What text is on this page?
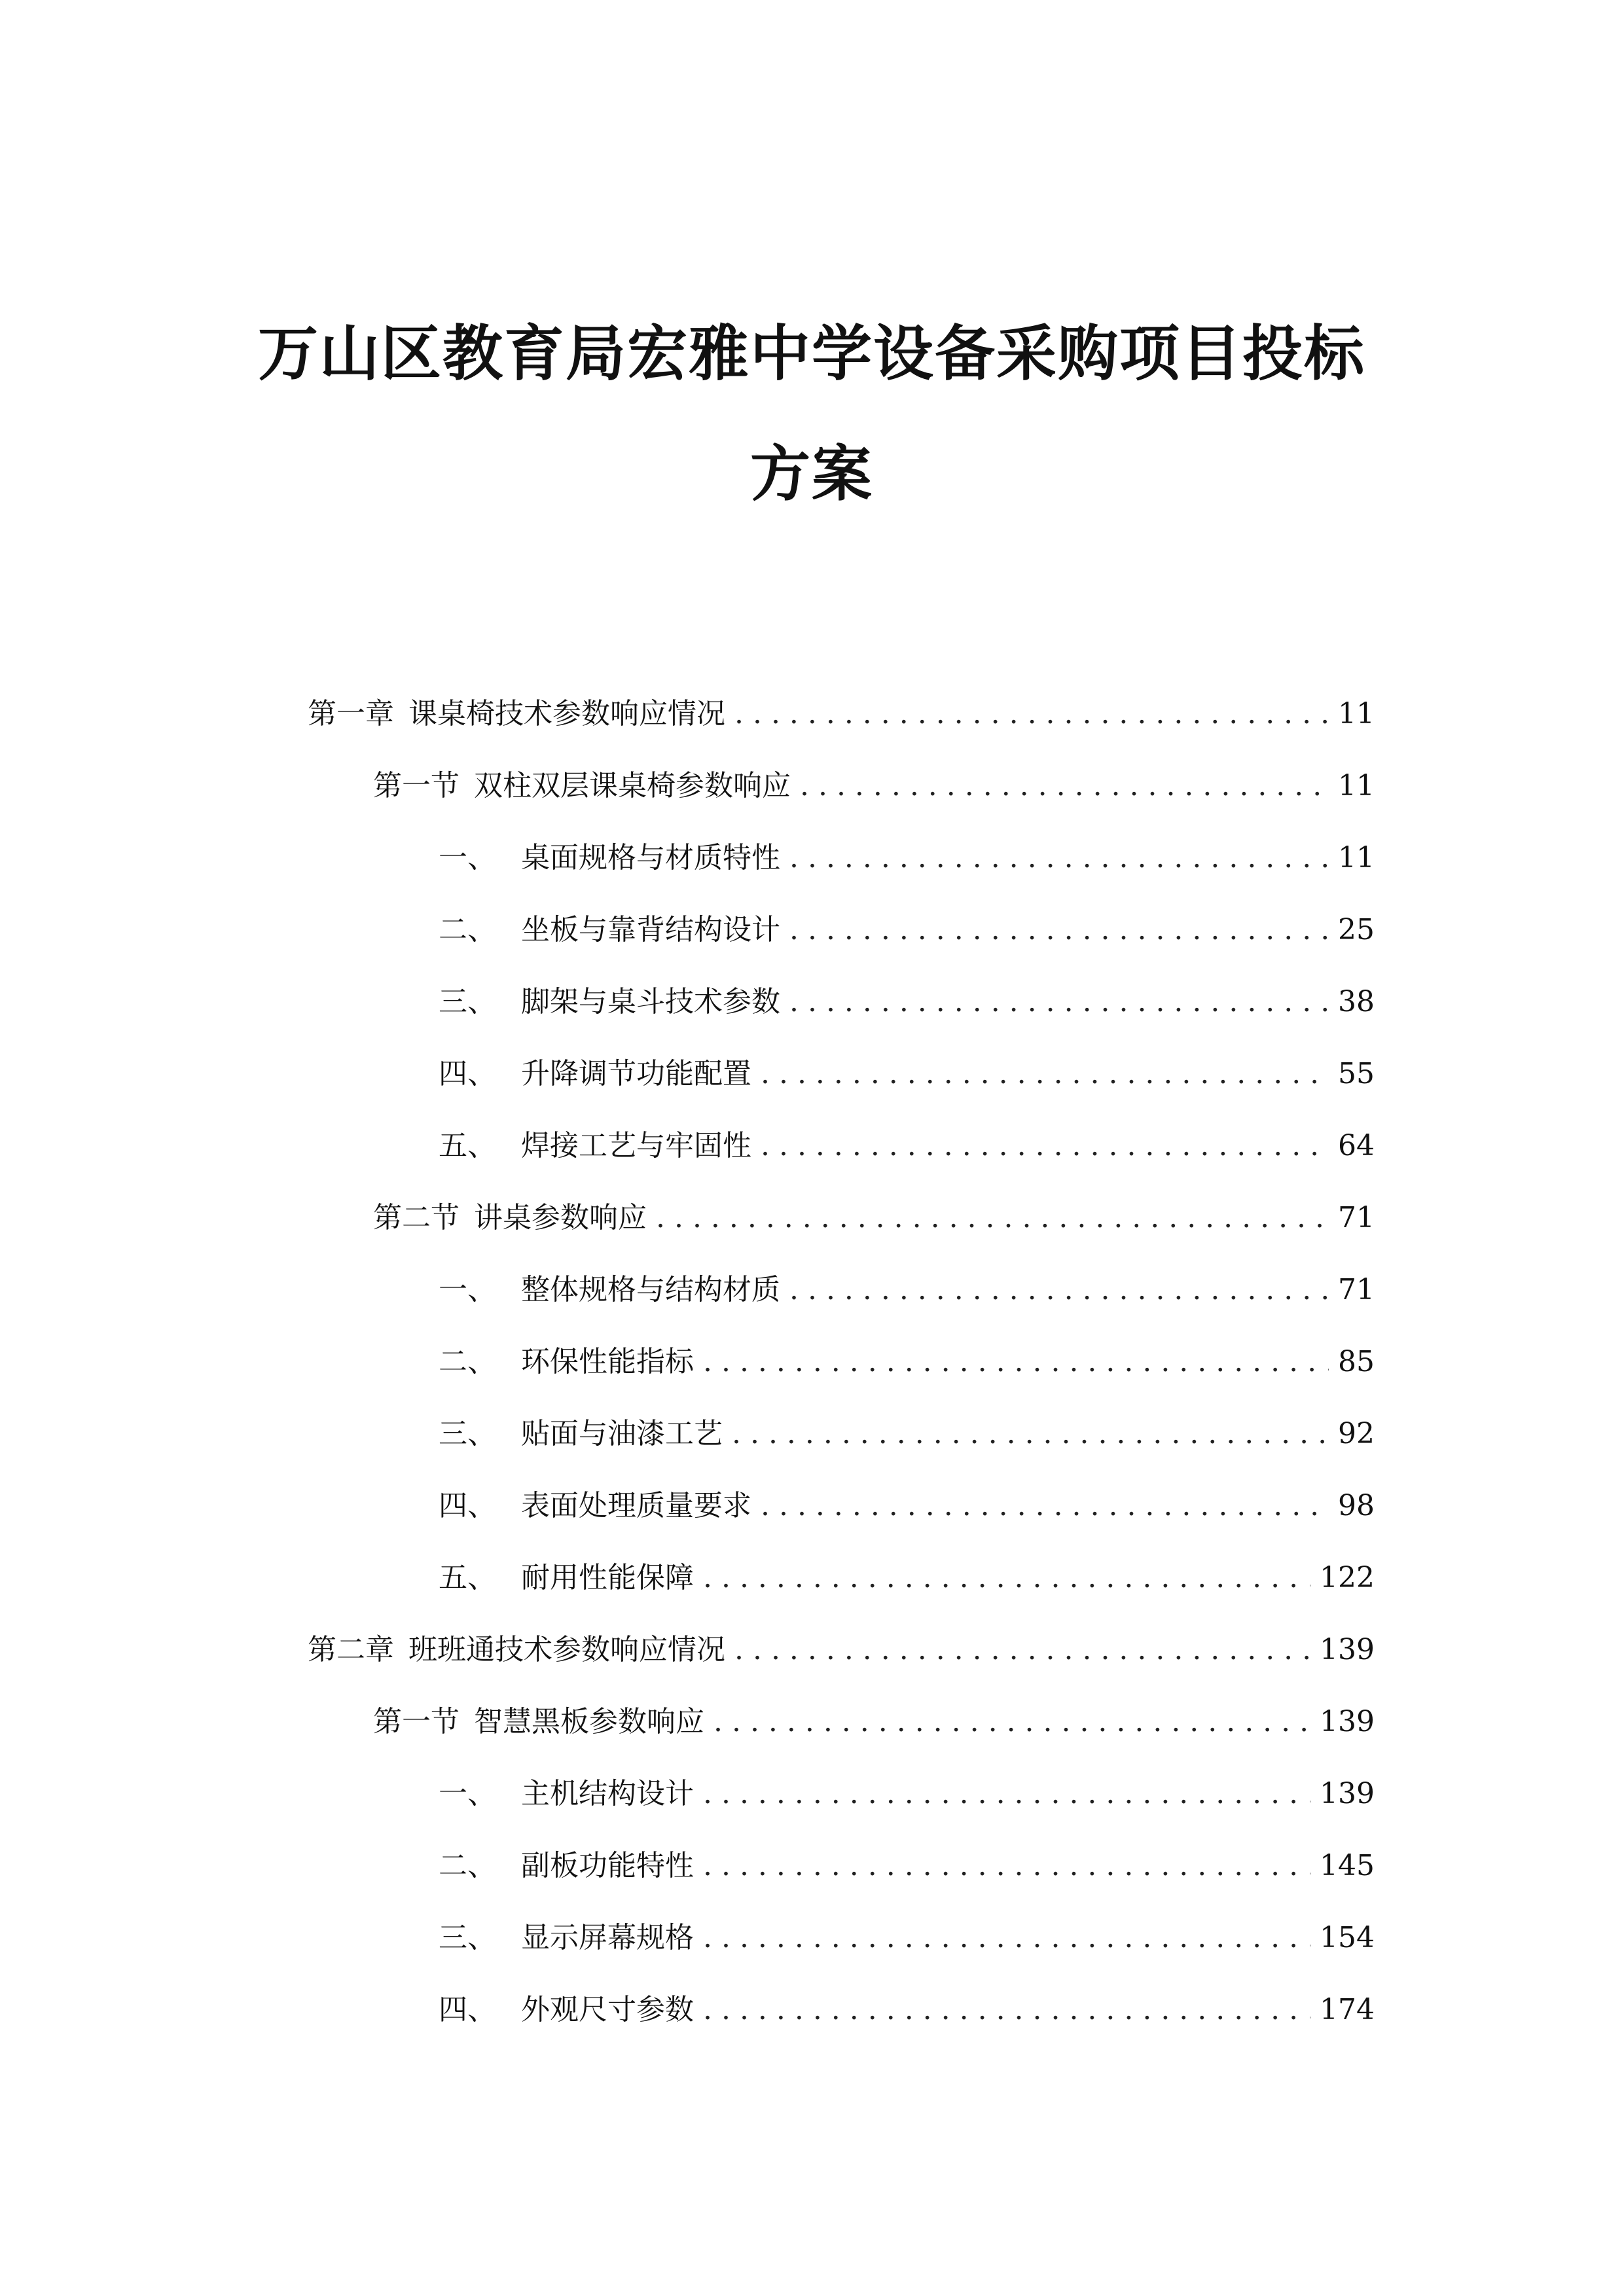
万山区教育局宏雅中学设备采购项目投标
方案
第一章 课桌椅技术参数响应情况 . . .	11
第一节 双柱双层课桌椅参数响应 . . .	11
一、 桌面规格与材质特性 . . .	11
二、 坐板与靠背结构设计 . . .	25
三、 脚架与桌斗技术参数 . . .	38
四、 升降调节功能配置 . . .	55
五、 焊接工艺与牢固性 . . .	64
第二节 讲桌参数响应 . . .	71
一、 整体规格与结构材质 . . .	71
二、 环保性能指标 . . .	85
三、 贴面与油漆工艺 . . .	92
四、 表面处理质量要求 . . .	98
五、 耐用性能保障 . . .	122
第二章 班班通技术参数响应情况 . . .	139
第一节 智慧黑板参数响应 . . .	139
一、 主机结构设计 . . .	139
二、 副板功能特性 . . .	145
三、 显示屏幕规格 . . .	154
四、 外观尺寸参数 . . .	174
